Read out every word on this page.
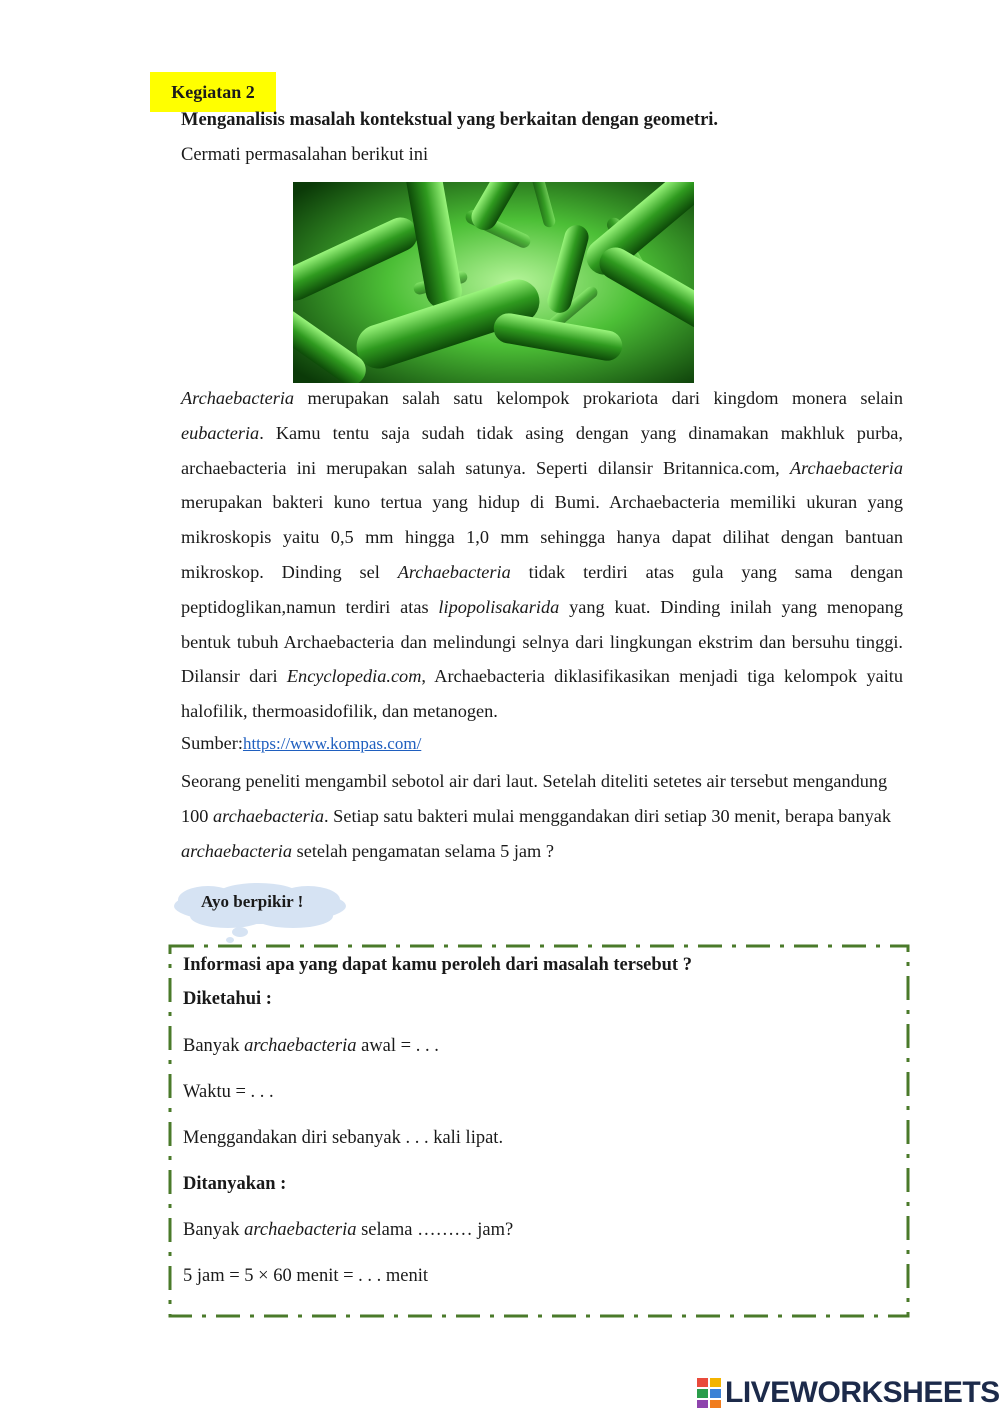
Kegiatan 2
Menganalisis masalah kontekstual yang berkaitan dengan geometri.
Cermati permasalahan berikut ini

Archaebacteria merupakan salah satu kelompok prokariota dari kingdom monera selain eubacteria. Kamu tentu saja sudah tidak asing dengan yang dinamakan makhluk purba, archaebacteria ini merupakan salah satunya. Seperti dilansir Britannica.com, Archaebacteria merupakan bakteri kuno tertua yang hidup di Bumi. Archaebacteria memiliki ukuran yang mikroskopis yaitu 0,5 mm hingga 1,0 mm sehingga hanya dapat dilihat dengan bantuan mikroskop. Dinding sel Archaebacteria tidak terdiri atas gula yang sama dengan peptidoglikan,namun terdiri atas lipopolisakarida yang kuat. Dinding inilah yang menopang bentuk tubuh Archaebacteria dan melindungi selnya dari lingkungan ekstrim dan bersuhu tinggi. Dilansir dari Encyclopedia.com, Archaebacteria diklasifikasikan menjadi tiga kelompok yaitu halofilik, thermoasidofilik, dan metanogen.

Sumber:https://www.kompas.com/

Seorang peneliti mengambil sebotol air dari laut. Setelah diteliti setetes air tersebut mengandung 100 archaebacteria. Setiap satu bakteri mulai menggandakan diri setiap 30 menit, berapa banyak archaebacteria setelah pengamatan selama 5 jam ?

Ayo berpikir !
Informasi apa yang dapat kamu peroleh dari masalah tersebut ?
Diketahui :
Banyak archaebacteria awal = . . .
Waktu = . . .
Menggandakan diri sebanyak . . . kali lipat.
Ditanyakan :
Banyak archaebacteria selama ……… jam?
5 jam = 5 × 60 menit = . . . menit
LIVEWORKSHEETS
